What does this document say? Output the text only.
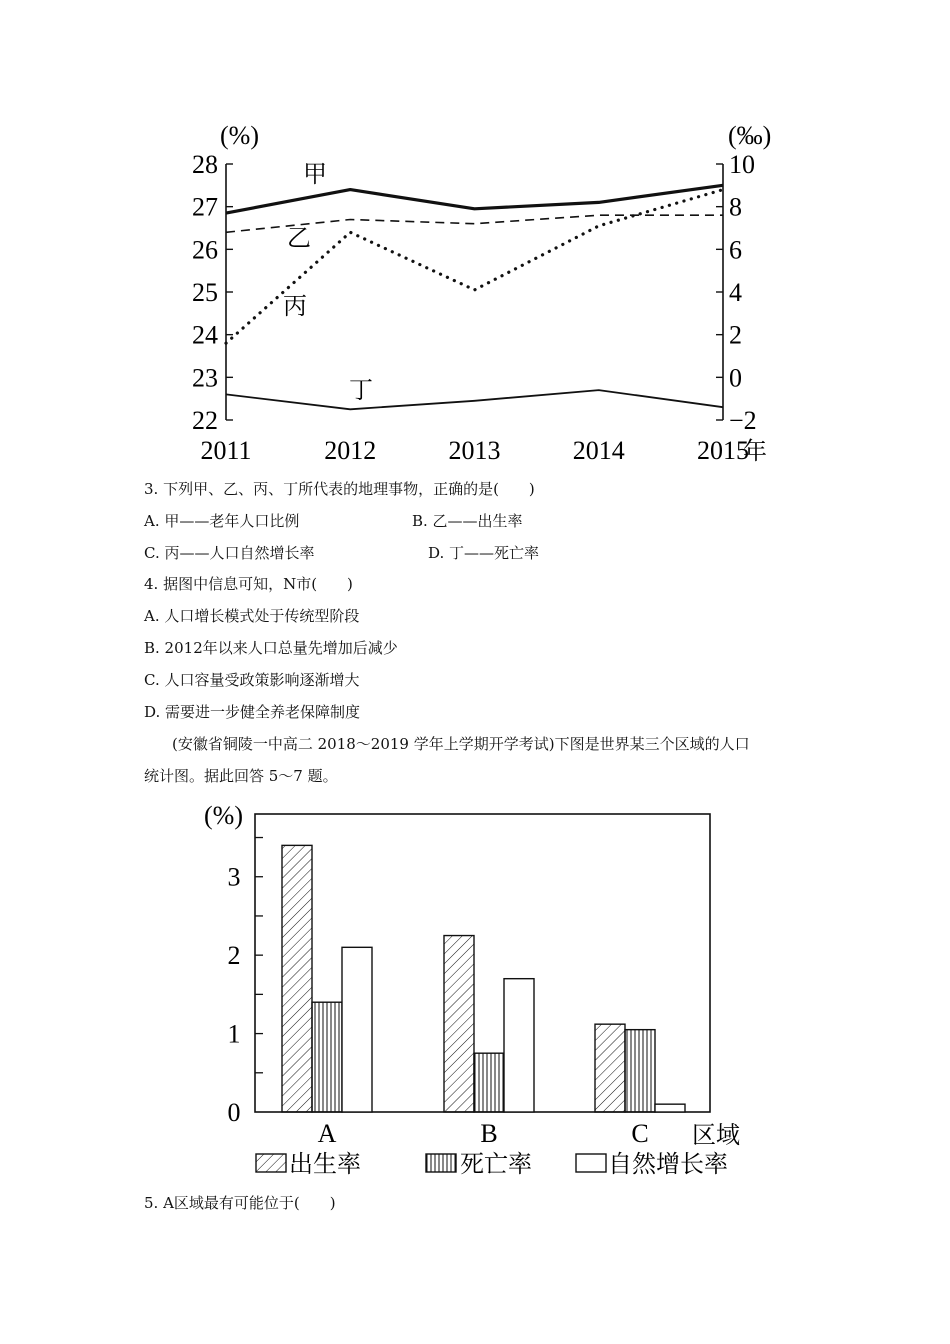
(%)	(‰)
22
23
24
25
26
27
28
−2
0
2
4
6
8
10
2011	2012	2013	2014	2015
年
甲
乙
丙
丁
3. 下列甲、乙、丙、丁所代表的地理事物，正确的是(　　)
A. 甲——老年人口比例	B. 乙——出生率
C. 丙——人口自然增长率	D. 丁——死亡率
4. 据图中信息可知，N市(　　)
A. 人口增长模式处于传统型阶段
B. 2012年以来人口总量先增加后减少
C. 人口容量受政策影响逐渐增大
D. 需要进一步健全养老保障制度
(安徽省铜陵一中高二 2018～2019 学年上学期开学考试)下图是世界某三个区域的人口
统计图。据此回答 5～7 题。
(%)
0
1
2
3
A	B	C 区域
出生率	死亡率	自然增长率
5. A区域最有可能位于(　　)
